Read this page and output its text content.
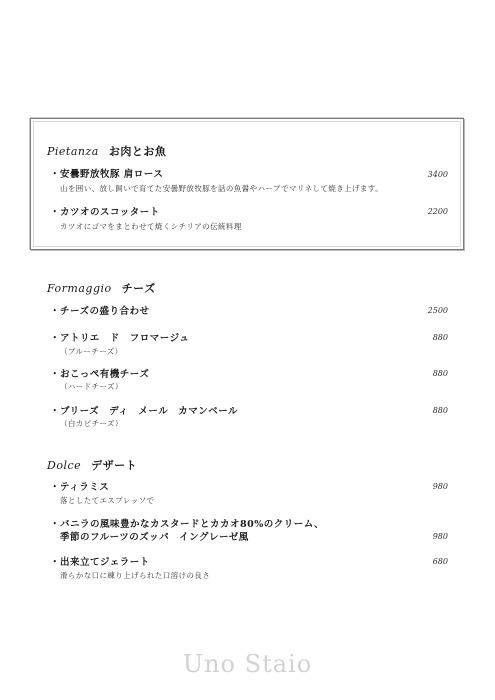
Pietanza お肉とお魚
・安曇野放牧豚 肩ロース	3400
山を囲い、放し飼いで育てた安曇野放牧豚を話の魚醤やハーブでマリネして焼き上げます。
・カツオのスコッタート	2200
カツオにゴマをまとわせて焼くシチリアの伝統料理
Formaggio チーズ
・チーズの盛り合わせ	2500
・アトリエ　ド　フロマージュ	880
（ブルーチーズ）
・おこっぺ有機チーズ	880
（ハードチーズ）
・ブリーズ　ディ　メール　カマンベール	880
（白カビチーズ）
Dolce デザート
・ティラミス	980
落としたてエスプレッソで
・バニラの風味豊かなカスタードとカカオ80%のクリーム、
季節のフルーツのズッパ　イングレーゼ風	980
・出来立てジェラート	680
滑らかな口に練り上げられた口溶けの良さ
Uno Staio
